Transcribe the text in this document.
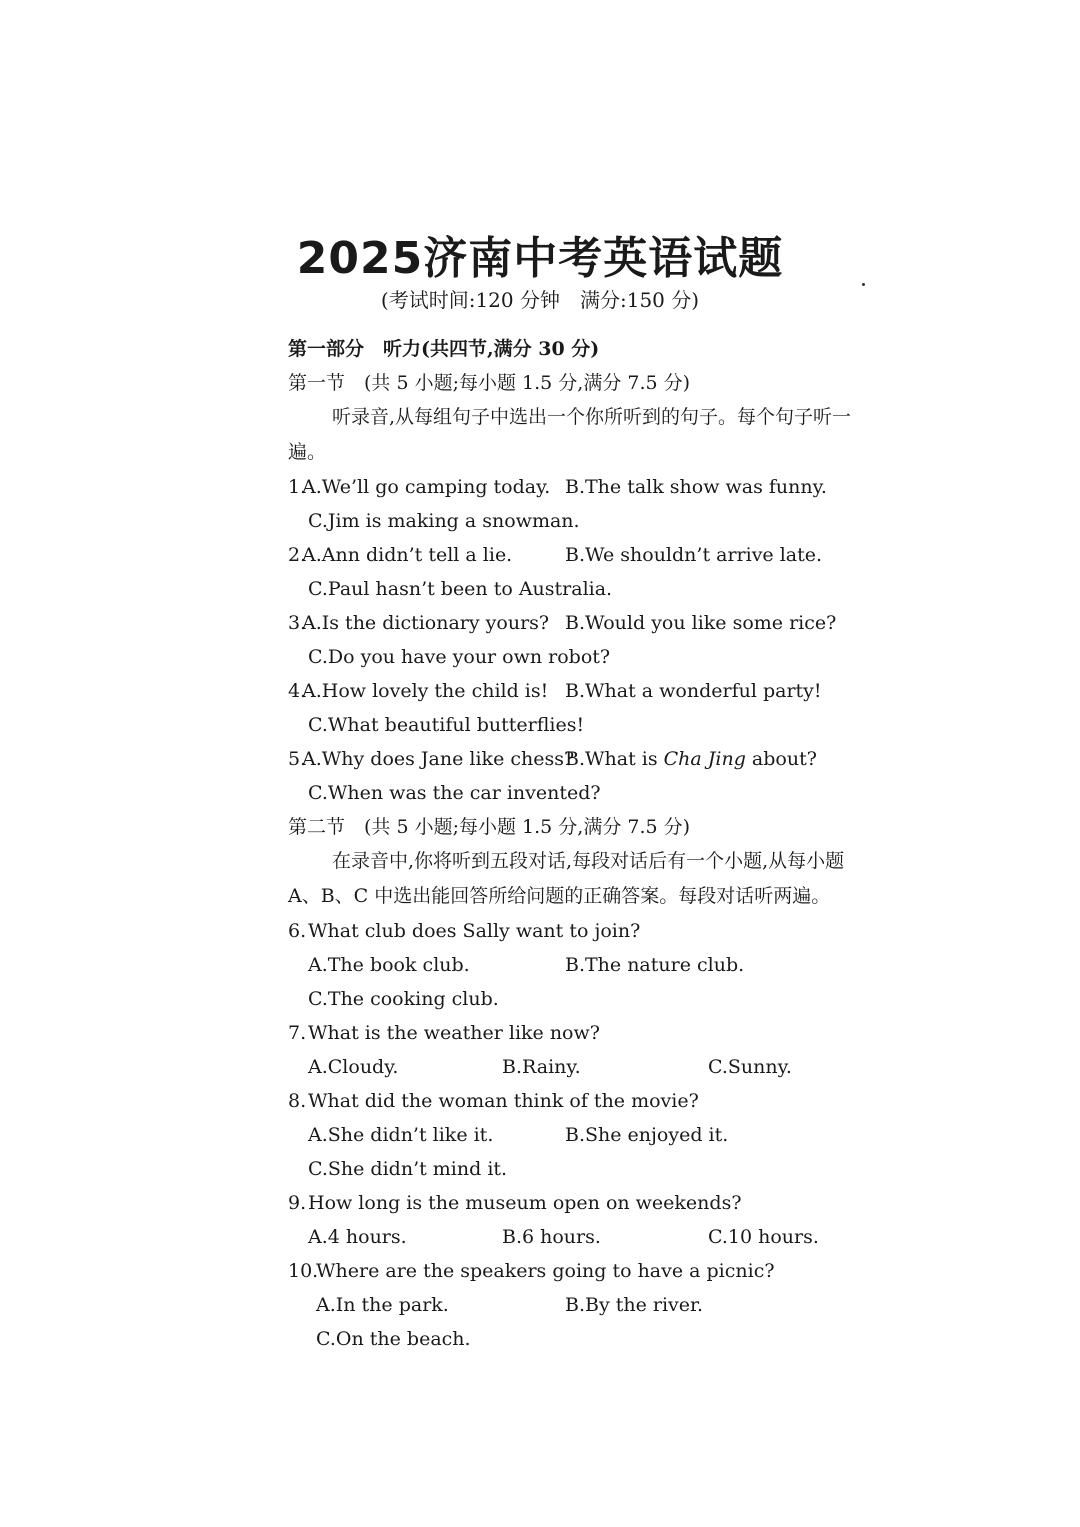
2025济南中考英语试题
(考试时间:120 分钟　满分:150 分)
第一部分　听力(共四节,满分 30 分)
第一节　(共 5 小题;每小题 1.5 分,满分 7.5 分)

听录音,从每组句子中选出一个你所听到的句子。每个句子听一遍。

1.
A.We’ll go camping today. B.The talk show was funny.
C.Jim is making a snowman.
2.
A.Ann didn’t tell a lie.	B.We shouldn’t arrive late.
C.Paul hasn’t been to Australia.
3.
A.Is the dictionary yours? B.Would you like some rice?
C.Do you have your own robot?
4.
A.How lovely the child is! B.What a wonderful party!
C.What beautiful butterflies!
5.
A.Why does Jane like chess?
B.What is Cha Jing about?
C.When was the car invented?
第二节　(共 5 小题;每小题 1.5 分,满分 7.5 分)

在录音中,你将听到五段对话,每段对话后有一个小题,从每小题 A、B、C 中选出能回答所给问题的正确答案。每段对话听两遍。

6. What club does Sally want to join?
A.The book club.	B.The nature club.
C.The cooking club.
7. What is the weather like now?
A.Cloudy.	B.Rainy.	C.Sunny.
8. What did the woman think of the movie?
A.She didn’t like it.	B.She enjoyed it.
C.She didn’t mind it.
9. How long is the museum open on weekends?
A.4 hours.	B.6 hours.	C.10 hours.
10.
Where are the speakers going to have a picnic?
A.In the park.	B.By the river.
C.On the beach.
